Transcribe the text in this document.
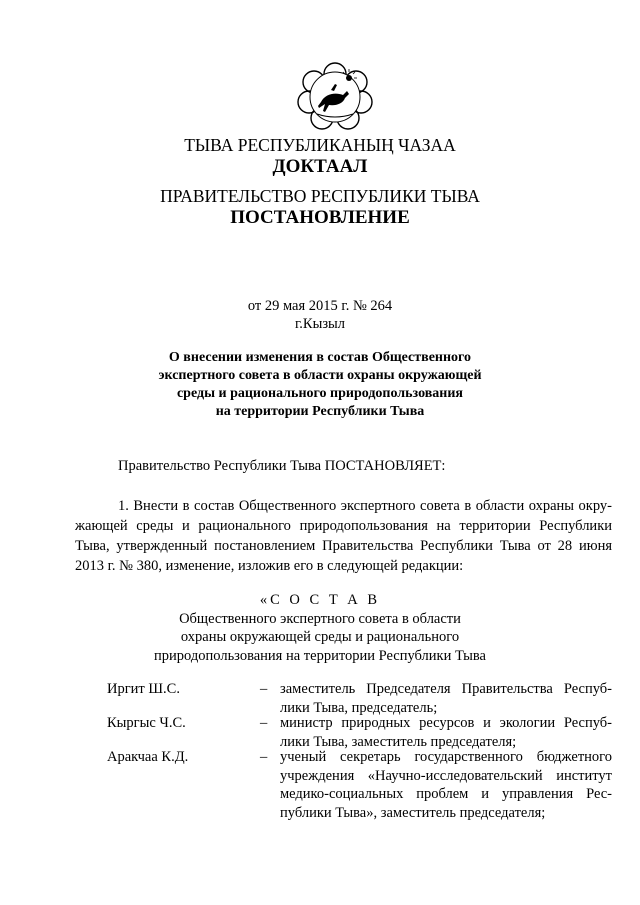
ТЫВА РЕСПУБЛИКАНЫҢ ЧАЗАА
ДОКТААЛ
ПРАВИТЕЛЬСТВО РЕСПУБЛИКИ ТЫВА
ПОСТАНОВЛЕНИЕ
от 29 мая 2015 г. № 264
г.Кызыл
О внесении изменения в состав Общественного
экспертного совета в области охраны окружающей
среды и рационального природопользования
на территории Республики Тыва
Правительство Республики Тыва ПОСТАНОВЛЯЕТ:
1. Внести в состав Общественного экспертного совета в области охраны окру-
жающей среды и рационального природопользования на территории Республики
Тыва, утвержденный постановлением Правительства Республики Тыва от 28 июня
2013 г. № 380, изменение, изложив его в следующей редакции:
«С О С Т А В
Общественного экспертного совета в области
охраны окружающей среды и рационального
природопользования на территории Республики Тыва
Иргит Ш.С.	– заместитель Председателя Правительства Респуб-
лики Тыва, председатель;
Кыргыс Ч.С.	– министр природных ресурсов и экологии Респуб-
лики Тыва, заместитель председателя;
Аракчаа К.Д.	– ученый секретарь государственного бюджетного
учреждения «Научно-исследовательский институт
медико-социальных проблем и управления Рес-
публики Тыва», заместитель председателя;
